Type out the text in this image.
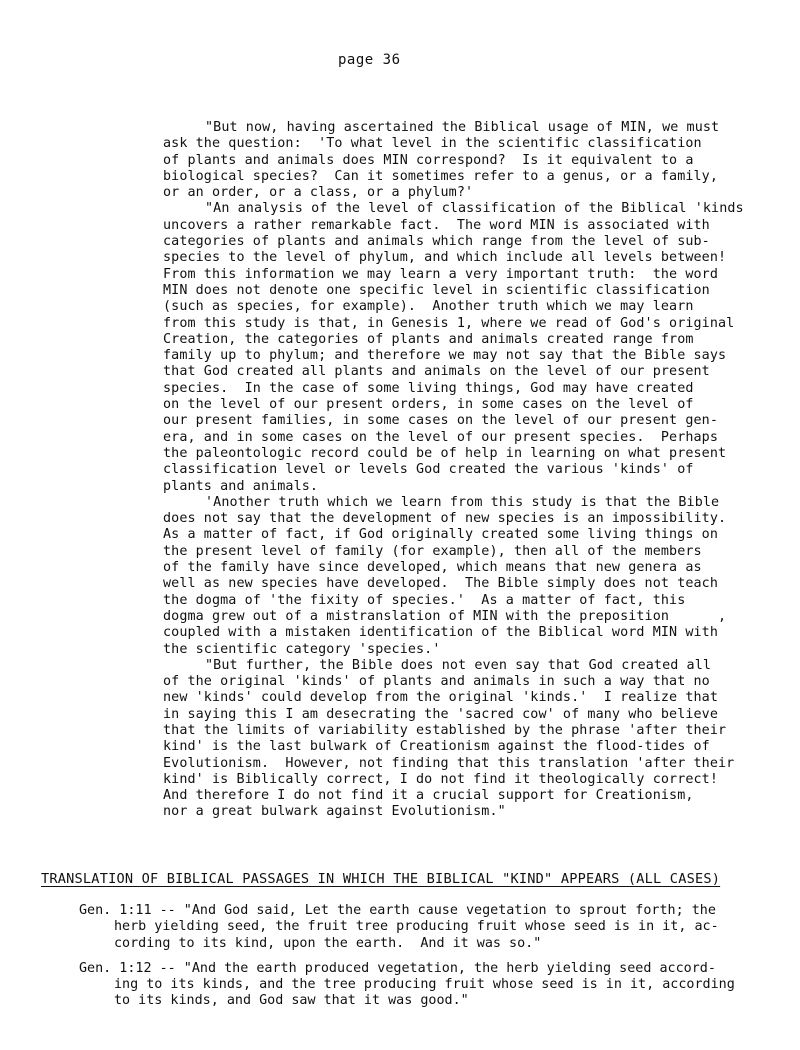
page 36
"But now, having ascertained the Biblical usage of MIN, we must
ask the question:  'To what level in the scientific classification
of plants and animals does MIN correspond?  Is it equivalent to a
biological species?  Can it sometimes refer to a genus, or a family,
or an order, or a class, or a phylum?'
"An analysis of the level of classification of the Biblical 'kinds
uncovers a rather remarkable fact.  The word MIN is associated with
categories of plants and animals which range from the level of sub-
species to the level of phylum, and which include all levels between!
From this information we may learn a very important truth:  the word
MIN does not denote one specific level in scientific classification
(such as species, for example).  Another truth which we may learn
from this study is that, in Genesis 1, where we read of God's original
Creation, the categories of plants and animals created range from
family up to phylum; and therefore we may not say that the Bible says
that God created all plants and animals on the level of our present
species.  In the case of some living things, God may have created
on the level of our present orders, in some cases on the level of
our present families, in some cases on the level of our present gen-
era, and in some cases on the level of our present species.  Perhaps
the paleontologic record could be of help in learning on what present
classification level or levels God created the various 'kinds' of
plants and animals.
'Another truth which we learn from this study is that the Bible
does not say that the development of new species is an impossibility.
As a matter of fact, if God originally created some living things on
the present level of family (for example), then all of the members
of the family have since developed, which means that new genera as
well as new species have developed.  The Bible simply does not teach
the dogma of 'the fixity of species.'  As a matter of fact, this
dogma grew out of a mistranslation of MIN with the preposition      ,
coupled with a mistaken identification of the Biblical word MIN with
the scientific category 'species.'
"But further, the Bible does not even say that God created all
of the original 'kinds' of plants and animals in such a way that no
new 'kinds' could develop from the original 'kinds.'  I realize that
in saying this I am desecrating the 'sacred cow' of many who believe
that the limits of variability established by the phrase 'after their
kind' is the last bulwark of Creationism against the flood-tides of
Evolutionism.  However, not finding that this translation 'after their
kind' is Biblically correct, I do not find it theologically correct!
And therefore I do not find it a crucial support for Creationism,
nor a great bulwark against Evolutionism."
TRANSLATION OF BIBLICAL PASSAGES IN WHICH THE BIBLICAL "KIND" APPEARS (ALL CASES)
Gen. 1:11 -- "And God said, Let the earth cause vegetation to sprout forth; the
herb yielding seed, the fruit tree producing fruit whose seed is in it, ac-
cording to its kind, upon the earth.  And it was so."
Gen. 1:12 -- "And the earth produced vegetation, the herb yielding seed accord-
ing to its kinds, and the tree producing fruit whose seed is in it, according
to its kinds, and God saw that it was good."
